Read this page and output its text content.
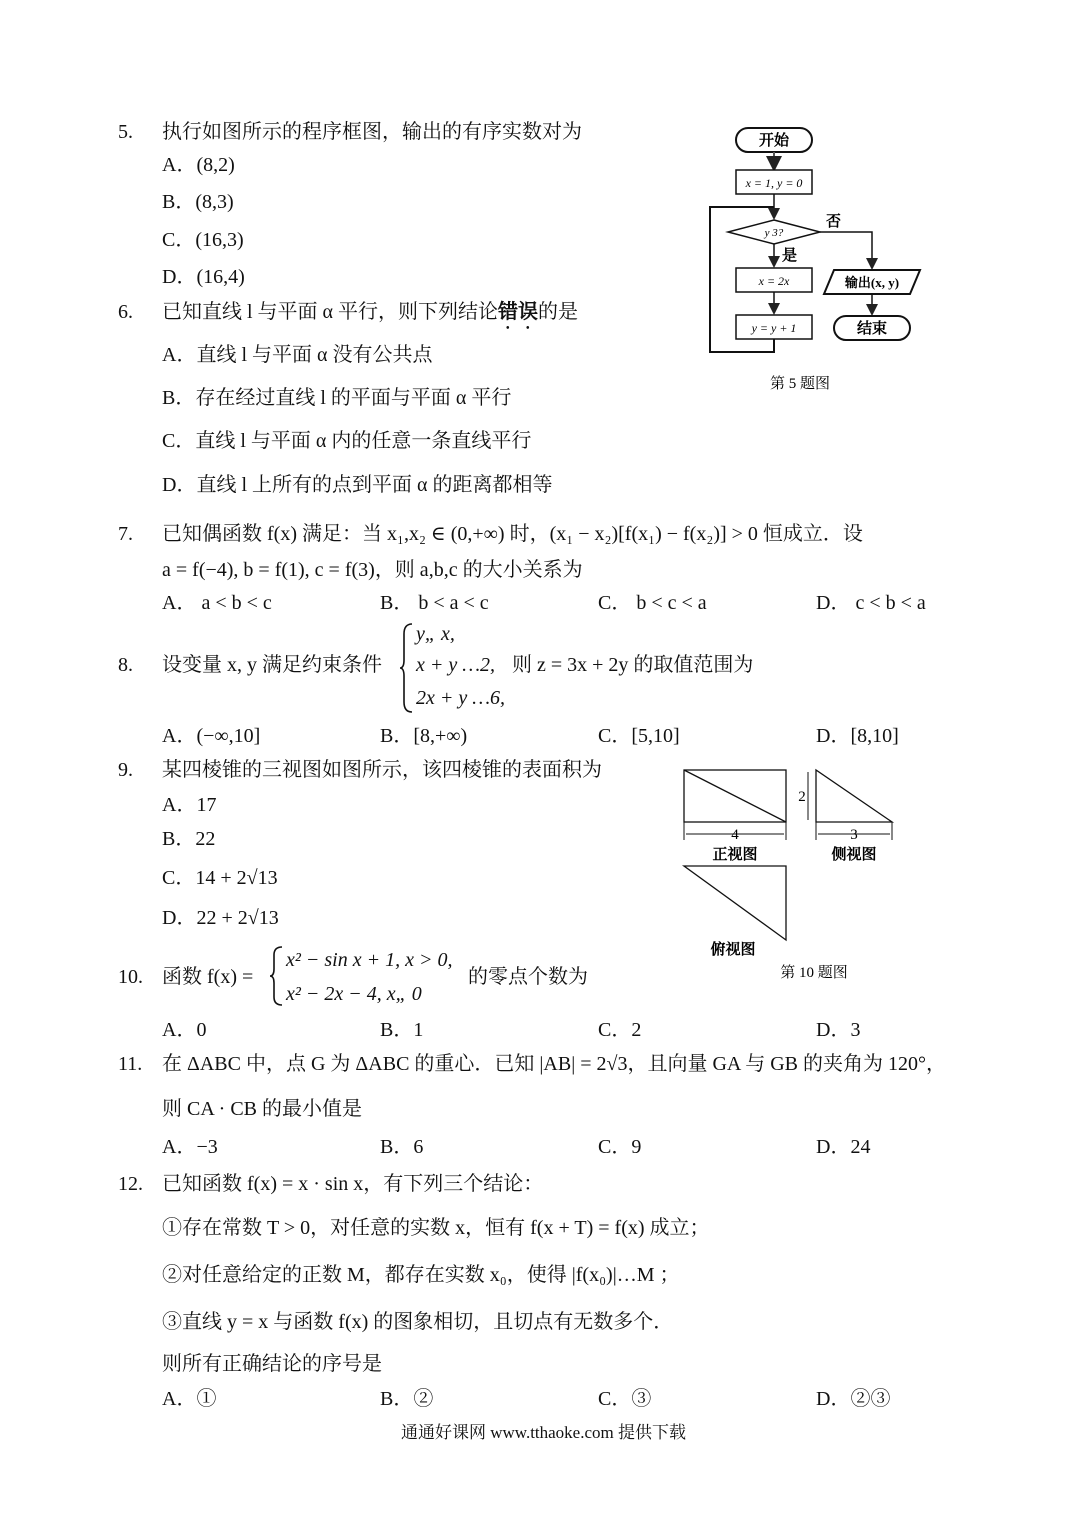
5. 执行如图所示的程序框图，输出的有序实数对为
A．(8,2)
B．(8,3)
C．(16,3)
D．(16,4)
开始
x = 1, y = 0
y 3?
否
是
x = 2x
y = y + 1
输出(x, y)
结束
第 5 题图
6. 已知直线 l 与平面 α 平行，则下列结论错误的是
A．直线 l 与平面 α 没有公共点
B．存在经过直线 l 的平面与平面 α 平行
C．直线 l 与平面 α 内的任意一条直线平行
D．直线 l 上所有的点到平面 α 的距离都相等
7. 已知偶函数 f(x) 满足：当 x₁,x₂ ∈ (0,+∞) 时，(x₁ − x₂)[f(x₁) − f(x₂)] > 0 恒成立．设
a = f(−4), b = f(1), c = f(3)，则 a,b,c 的大小关系为
A． a < b < c	B． b < a < c	C． b < c < a	D． c < b < a
8. 设变量 x, y 满足约束条件
y„ x,
x + y …2,
2x + y …6,
则 z = 3x + 2y 的取值范围为
A．(−∞,10]	B．[8,+∞)	C．[5,10]	D．[8,10]
9. 某四棱锥的三视图如图所示，该四棱锥的表面积为
A．17
B．22
C．14 + 2√13
D．22 + 2√13
4
正视图
2
3
侧视图
俯视图
第 10 题图
10. 函数 f(x) =
x² − sin x + 1, x > 0,
x² − 2x − 4, x„ 0
的零点个数为
A．0	B．1	C．2	D．3
11. 在 ΔABC 中，点 G 为 ΔABC 的重心．已知 |AB| = 2√3，且向量 GA 与 GB 的夹角为 120°，
则 CA · CB 的最小值是
A．−3	B．6	C．9	D．24
12. 已知函数 f(x) = x · sin x，有下列三个结论：
①存在常数 T > 0，对任意的实数 x，恒有 f(x + T) = f(x) 成立；
②对任意给定的正数 M，都存在实数 x₀，使得 |f(x₀)|…M ；
③直线 y = x 与函数 f(x) 的图象相切，且切点有无数多个．
则所有正确结论的序号是
A．①	B．②	C．③	D．②③
通通好课网 www.tthaoke.com 提供下载
